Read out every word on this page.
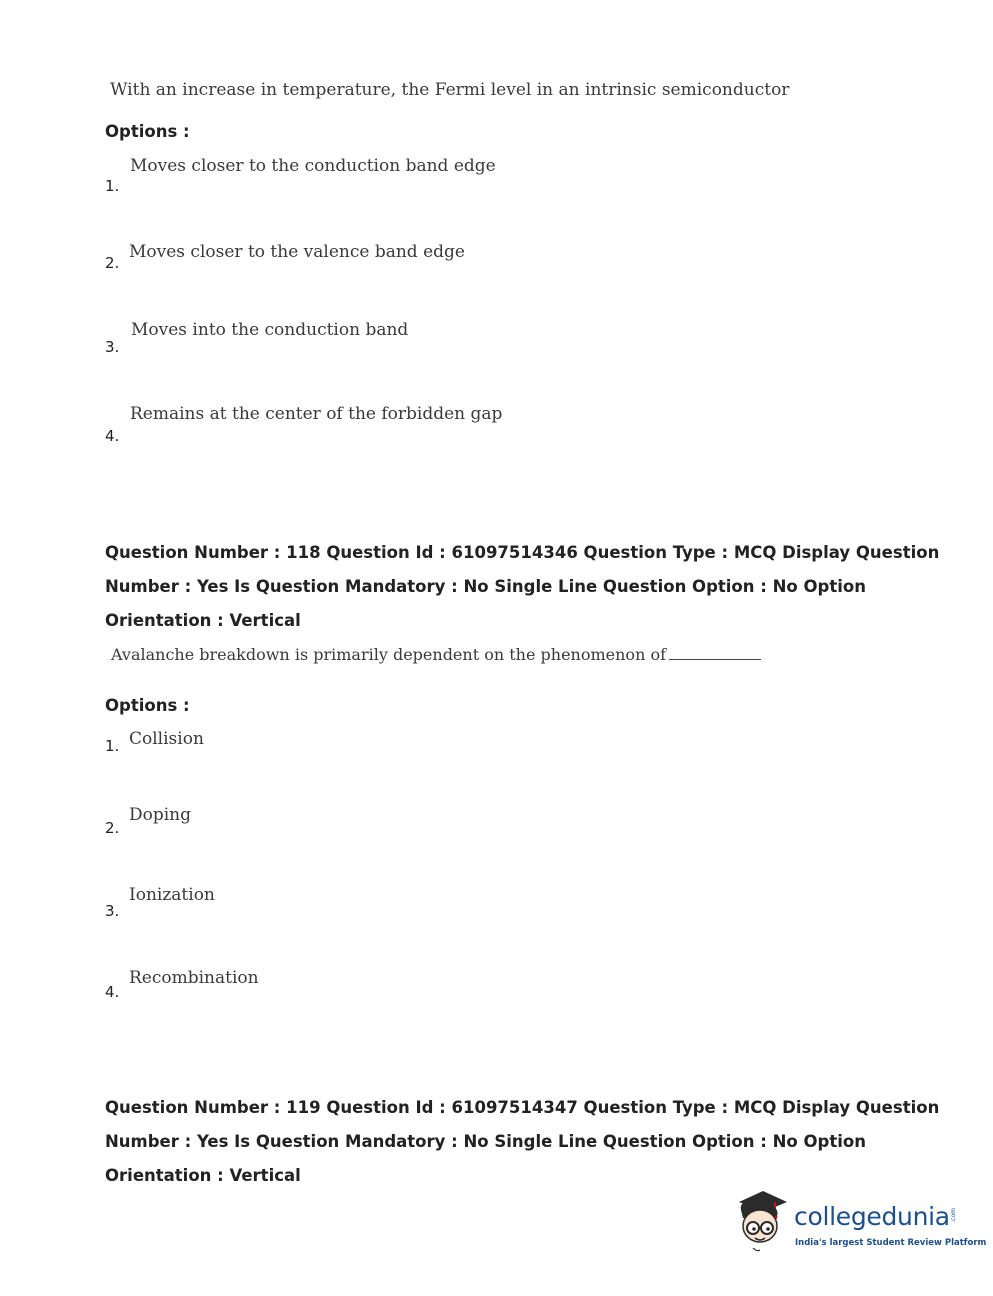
With an increase in temperature, the Fermi level in an intrinsic semiconductor
Options :
Moves closer to the conduction band edge
1.
Moves closer to the valence band edge
2.
Moves into the conduction band
3.
Remains at the center of the forbidden gap
4.
Question Number : 118 Question Id : 61097514346 Question Type : MCQ Display Question
Number : Yes Is Question Mandatory : No Single Line Question Option : No Option
Orientation : Vertical
Avalanche breakdown is primarily dependent on the phenomenon of
Options :
Collision
1.
Doping
2.
Ionization
3.
Recombination
4.
Question Number : 119 Question Id : 61097514347 Question Type : MCQ Display Question
Number : Yes Is Question Mandatory : No Single Line Question Option : No Option
Orientation : Vertical
collegedunia .com
India's largest Student Review Platform
